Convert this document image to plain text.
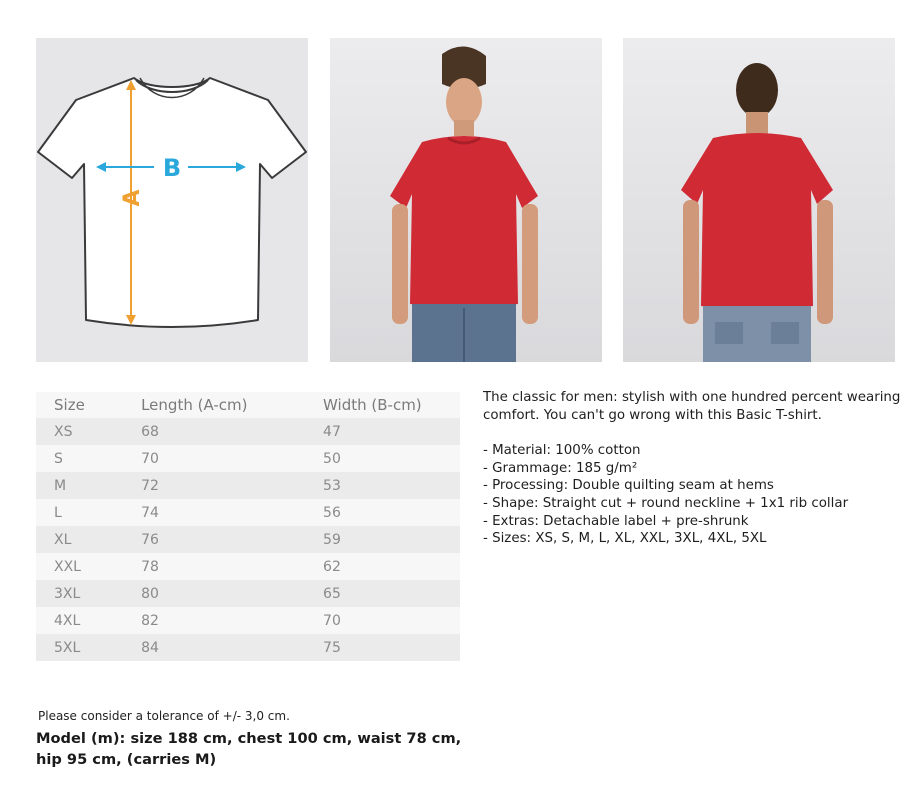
A
B
Size	Length (A-cm)	Width (B-cm)
XS	68	47
S	70	50
M	72	53
L	74	56
XL	76	59
XXL	78	62
3XL	80	65
4XL	82	70
5XL	84	75

The classic for men: stylish with one hundred percent wearing comfort. You can't go wrong with this Basic T-shirt.

- Material: 100% cotton
- Grammage: 185 g/m²
- Processing: Double quilting seam at hems
- Shape: Straight cut + round neckline + 1x1 rib collar
- Extras: Detachable label + pre-shrunk
- Sizes: XS, S, M, L, XL, XXL, 3XL, 4XL, 5XL
Please consider a tolerance of +/- 3,0 cm.
Model (m): size 188 cm, chest 100 cm, waist 78 cm, hip 95 cm, (carries M)
